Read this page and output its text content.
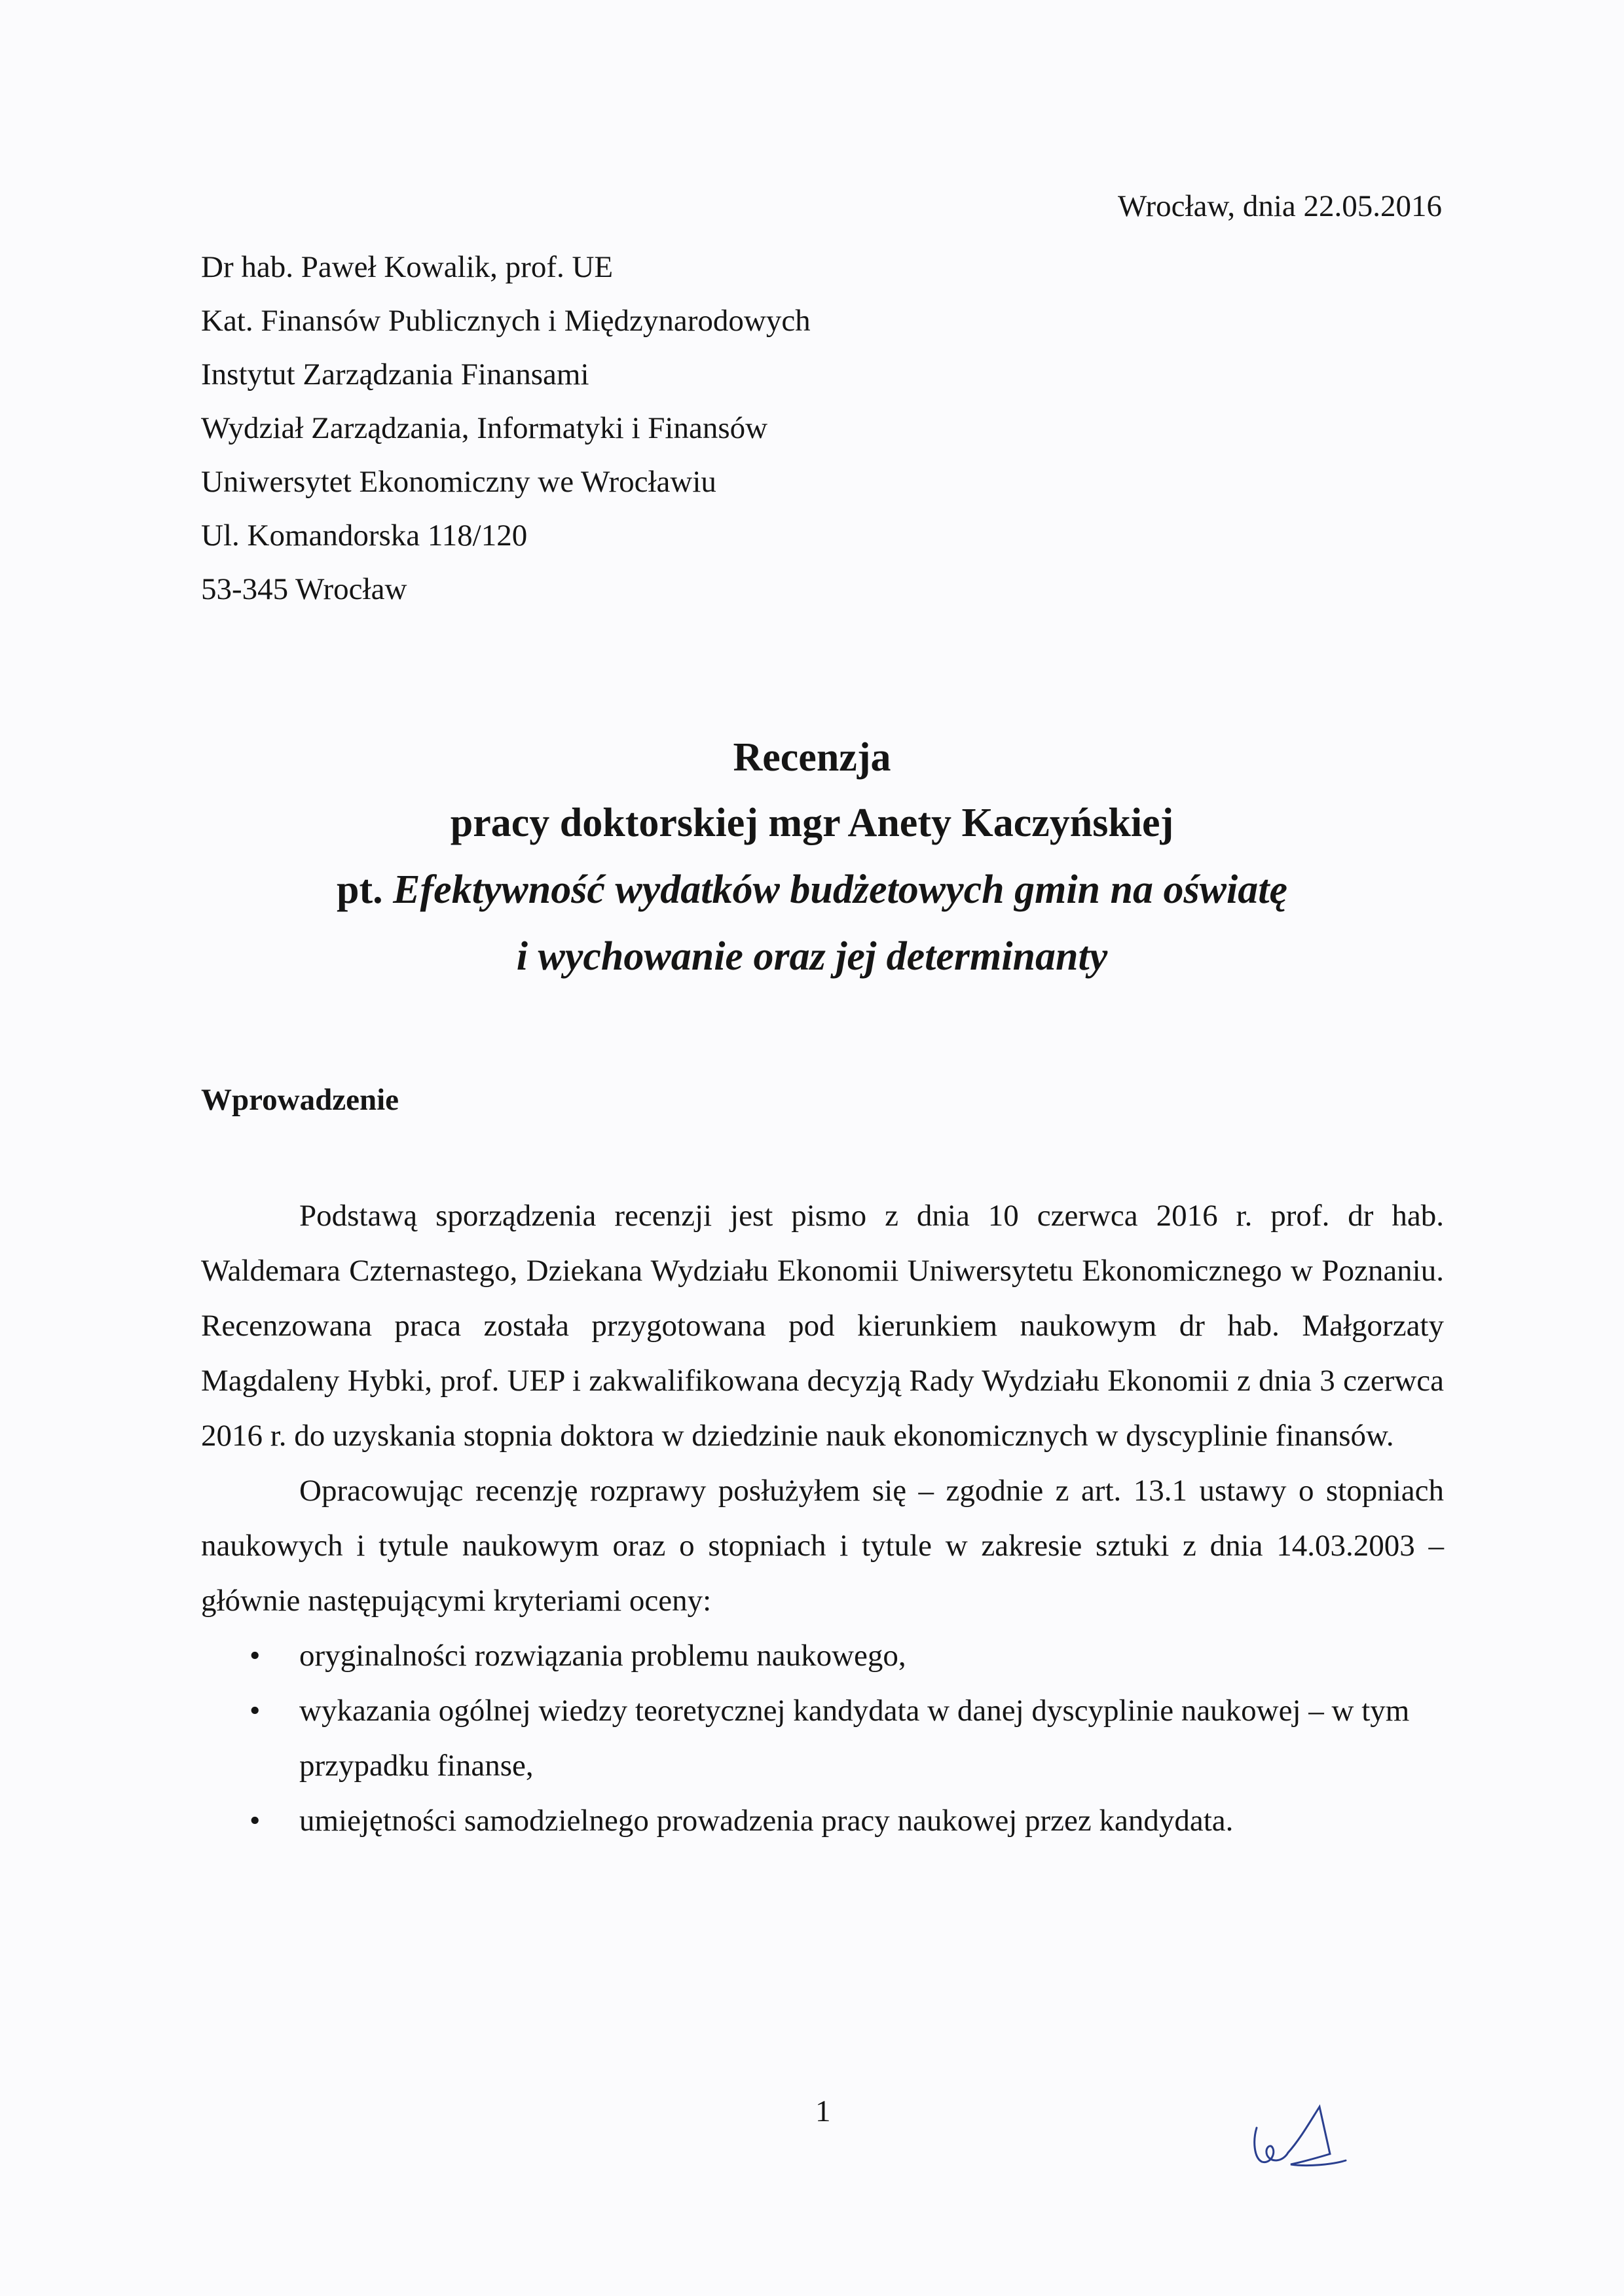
Wrocław, dnia 22.05.2016
Dr hab. Paweł Kowalik, prof. UE
Kat. Finansów Publicznych i Międzynarodowych
Instytut Zarządzania Finansami
Wydział Zarządzania, Informatyki i Finansów
Uniwersytet Ekonomiczny we Wrocławiu
Ul. Komandorska 118/120
53-345 Wrocław
Recenzja
pracy doktorskiej mgr Anety Kaczyńskiej
pt. Efektywność wydatków budżetowych gmin na oświatę
i wychowanie oraz jej determinanty
Wprowadzenie

Podstawą sporządzenia recenzji jest pismo z dnia 10 czerwca 2016 r. prof. dr hab. Waldemara Czternastego, Dziekana Wydziału Ekonomii Uniwersytetu Ekonomicznego w Poznaniu. Recenzowana praca została przygotowana pod kierunkiem naukowym dr hab. Małgorzaty Magdaleny Hybki, prof. UEP i zakwalifikowana decyzją Rady Wydziału Ekonomii z dnia 3 czerwca 2016 r. do uzyskania stopnia doktora w dziedzinie nauk ekonomicznych w dyscyplinie finansów.

Opracowując recenzję rozprawy posłużyłem się – zgodnie z art. 13.1 ustawy o stopniach naukowych i tytule naukowym oraz o stopniach i tytule w zakresie sztuki z dnia 14.03.2003 – głównie następującymi kryteriami oceny:

• oryginalności rozwiązania problemu naukowego,
• wykazania ogólnej wiedzy teoretycznej kandydata w danej dyscyplinie naukowej – w tym przypadku finanse,
• umiejętności samodzielnego prowadzenia pracy naukowej przez kandydata.
1
